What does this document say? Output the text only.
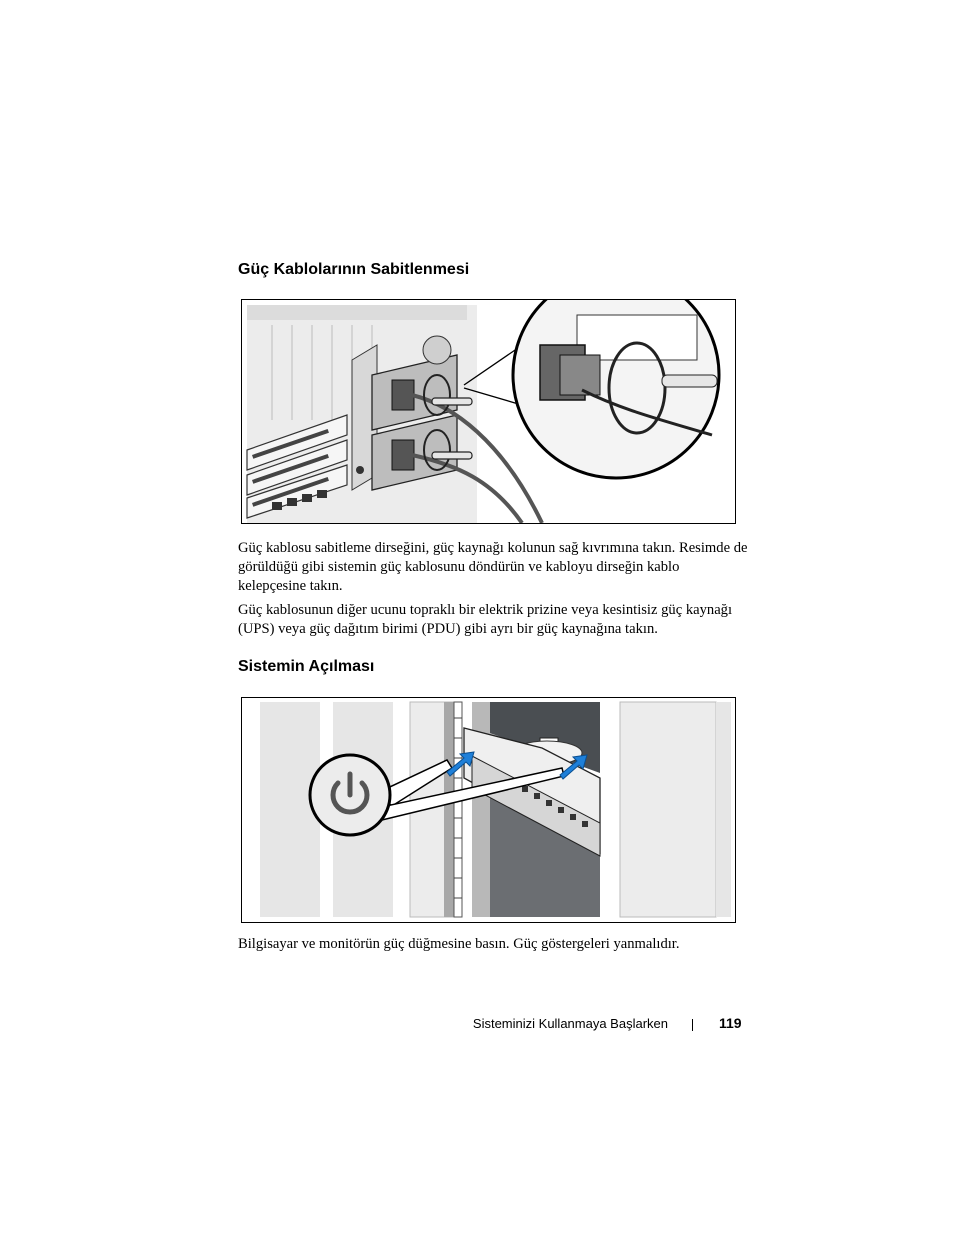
Güç Kablolarının Sabitlenmesi

Güç kablosu sabitleme dirseğini, güç kaynağı kolunun sağ kıvrımına takın. Resimde de görüldüğü gibi sistemin güç kablosunu döndürün ve kabloyu dirseğin kablo kelepçesine takın.

Güç kablosunun diğer ucunu topraklı bir elektrik prizine veya kesintisiz güç kaynağı (UPS) veya güç dağıtım birimi (PDU) gibi ayrı bir güç kaynağına takın.

Sistemin Açılması

Bilgisayar ve monitörün güç düğmesine basın. Güç göstergeleri yanmalıdır.

Sisteminizi Kullanmaya Başlarken	119
